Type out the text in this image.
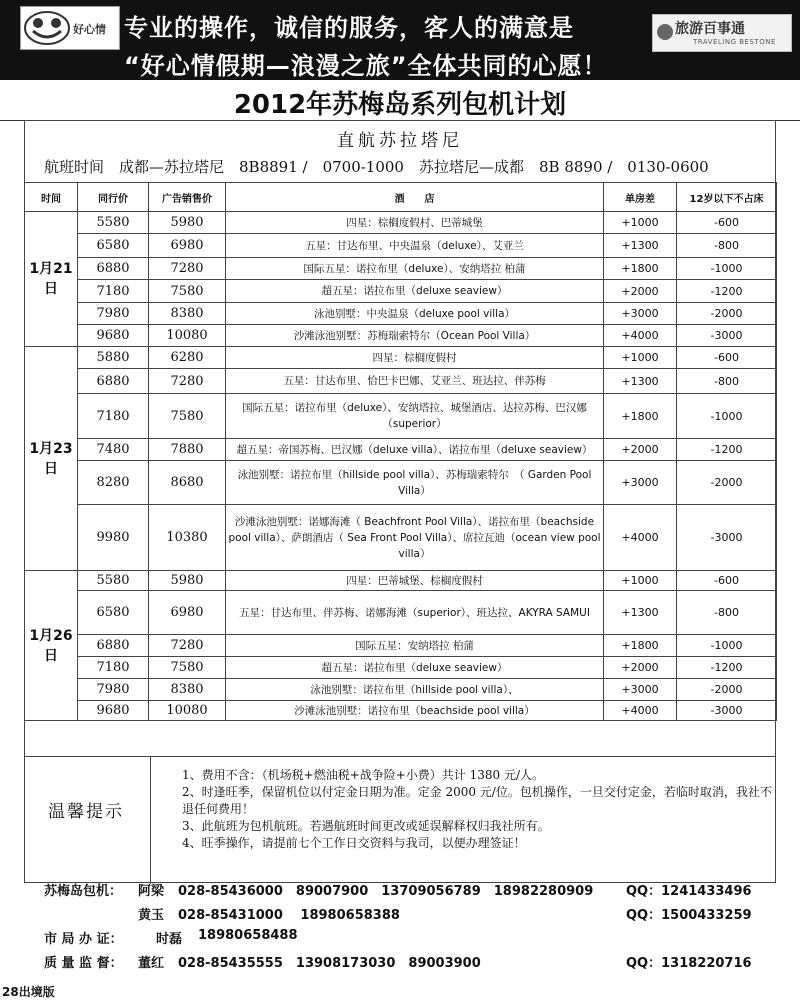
好心情 专业的操作，诚信的服务，客人的满意是
“好心情假期—浪漫之旅”全体共同的心愿！
旅游百事通
TRAVELING BESTONE
2012年苏梅岛系列包机计划
直航苏拉塔尼
航班时间　成都—苏拉塔尼　8B8891 /　0700-1000　苏拉塔尼—成都　8B 8890 /　0130-0600
时间	同行价	广告销售价	酒　　店	单房差	12岁以下不占床
1月21日	5580	5980	四星：棕榈度假村、巴蒂城堡	+1000	-600
	6580	6980	五星：甘达布里、中央温泉（deluxe）、艾亚兰	+1300	-800
	6880	7280	国际五星：诺拉布里（deluxe）、安纳塔拉 柏蒲	+1800	-1000
	7180	7580	超五星：诺拉布里（deluxe seaview）	+2000	-1200
	7980	8380	泳池别墅：中央温泉（deluxe pool villa）	+3000	-2000
	9680	10080	沙滩泳池别墅：苏梅瑞索特尔（Ocean Pool Villa）	+4000	-3000
1月23日	5880	6280	四星：棕榈度假村	+1000	-600
	6880	7280	五星：甘达布里、恰巴卡巴娜、艾亚兰、班达拉、伴苏梅	+1300	-800
	7180	7580	国际五星：诺拉布里（deluxe）、安纳塔拉、城堡酒店、达拉苏梅、巴汉娜（superior）	+1800	-1000
	7480	7880	超五星：帝国苏梅、巴汉娜（deluxe villa）、诺拉布里（deluxe seaview）	+2000	-1200
	8280	8680	泳池别墅：诺拉布里（hillside pool villa）、苏梅瑞索特尔　（ Garden Pool Villa）	+3000	-2000
	9980	10380	沙滩泳池别墅：诺娜海滩（ Beachfront Pool Villa）、诺拉布里（beachside pool villa）、萨朗酒店（ Sea Front Pool Villa）、席拉瓦迪（ocean view pool villa）	+4000	-3000
1月26日	5580	5980	四星：巴蒂城堡、棕榈度假村	+1000	-600
	6580	6980	五星：甘达布里、伴苏梅、诺娜海滩（superior）、班达拉、AKYRA SAMUI	+1300	-800
	6880	7280	国际五星：安纳塔拉 柏蒲	+1800	-1000
	7180	7580	超五星：诺拉布里（deluxe seaview）	+2000	-1200
	7980	8380	泳池别墅：诺拉布里（hillside pool villa）、	+3000	-2000
	9680	10080	沙滩泳池别墅：诺拉布里（beachside pool villa）	+4000	-3000
温馨提示
1、费用不含：（机场税+燃油税+战争险+小费）共计 1380 元/人。
2、时逢旺季，保留机位以付定金日期为准。定金 2000 元/位。包机操作，一旦交付定金，若临时取消，我社不退任何费用！
3、此航班为包机航班。若遇航班时间更改或延误解释权归我社所有。
4、旺季操作，请提前七个工作日交资料与我司，以便办理签证！
苏梅岛包机： 阿梁 028-85436000　89007900　13709056789　18982280909	QQ：1241433496
黄玉 028-85431000　 18980658388	QQ：1500433259
市 局 办 证：	时磊 18980658488
质 量 监 督： 董红 028-85435555　13908173030　89003900	QQ：1318220716
28出境版
